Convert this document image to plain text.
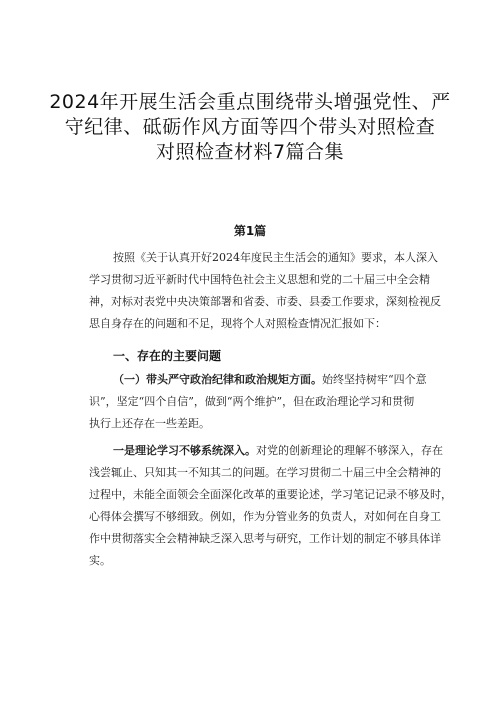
2024年开展生活会重点围绕带头增强党性、严
守纪律、砥砺作风方面等四个带头对照检查
对照检查材料7篇合集
第1篇
按照《关于认真开好2024年度民主生活会的通知》要求，本人深入
学习贯彻习近平新时代中国特色社会主义思想和党的二十届三中全会精
神，对标对表党中央决策部署和省委、市委、县委工作要求，深刻检视反
思自身存在的问题和不足，现将个人对照检查情况汇报如下：
一、存在的主要问题
（一）带头严守政治纪律和政治规矩方面。始终坚持树牢“四个意
识”，坚定“四个自信”，做到“两个维护”，但在政治理论学习和贯彻
执行上还存在一些差距。
一是理论学习不够系统深入。对党的创新理论的理解不够深入，存在
浅尝辄止、只知其一不知其二的问题。在学习贯彻二十届三中全会精神的
过程中，未能全面领会全面深化改革的重要论述，学习笔记记录不够及时，
心得体会撰写不够细致。例如，作为分管业务的负责人，对如何在自身工
作中贯彻落实全会精神缺乏深入思考与研究，工作计划的制定不够具体详
实。
